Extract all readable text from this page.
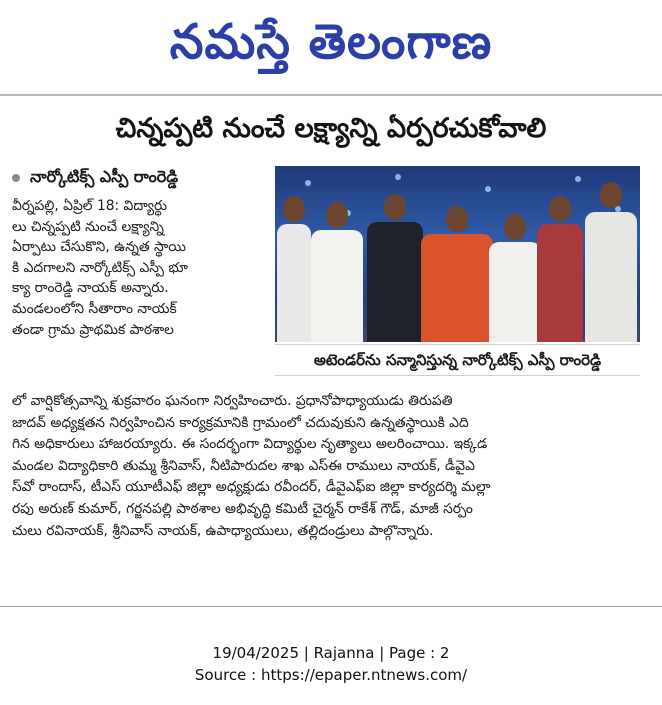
నమస్తే తెలంగాణ
చిన్నప్పటి నుంచే లక్ష్యాన్ని ఏర్పరచుకోవాలి
నార్కోటిక్స్ ఎస్పీ రాంరెడ్డి
వీర్నపల్లి, ఏప్రిల్ 18: విద్యార్థు
లు చిన్నప్పటి నుంచే లక్ష్యాన్ని
ఏర్పాటు చేసుకొని, ఉన్నత స్థాయి
కి ఎదగాలని నార్కోటిక్స్ ఎస్పీ భూ
క్యా రాంరెడ్డి నాయక్ అన్నారు.
మండలంలోని సీతారాం నాయక్
తండా గ్రామ ప్రాథమిక పాఠశాల
అటెండర్‌ను సన్మానిస్తున్న నార్కోటిక్స్ ఎస్పీ రాంరెడ్డి
లో వార్షికోత్సవాన్ని శుక్రవారం ఘనంగా నిర్వహించారు. ప్రధానోపాధ్యాయుడు తిరుపతి
జాదవ్ అధ్యక్షతన నిర్వహించిన కార్యక్రమానికి గ్రామంలో చదువుకుని ఉన్నతస్థాయికి ఎది
గిన అధికారులు హాజరయ్యారు. ఈ సందర్భంగా విద్యార్థుల నృత్యాలు అలరించాయి. ఇక్కడ
మండల విద్యాధికారి తుమ్మ శ్రీనివాస్, నీటిపారుదల శాఖ ఎస్ఈ రాములు నాయక్, డీవైఎ
స్‌వో రాందాస్, టీఎస్ యూటీఎఫ్ జిల్లా అధ్యక్షుడు రవీందర్, డీవైఎఫ్ఐ జిల్లా కార్యదర్శి మల్లా
రపు అరుణ్ కుమార్, గర్జనపల్లి పాఠశాల అభివృద్ధి కమిటీ చైర్మన్ రాకేశ్ గౌడ్, మాజీ సర్పం
చులు రవినాయక్, శ్రీనివాస్ నాయక్, ఉపాధ్యాయులు, తల్లిదండ్రులు పాల్గొన్నారు.
19/04/2025 | Rajanna | Page : 2
Source : https://epaper.ntnews.com/
